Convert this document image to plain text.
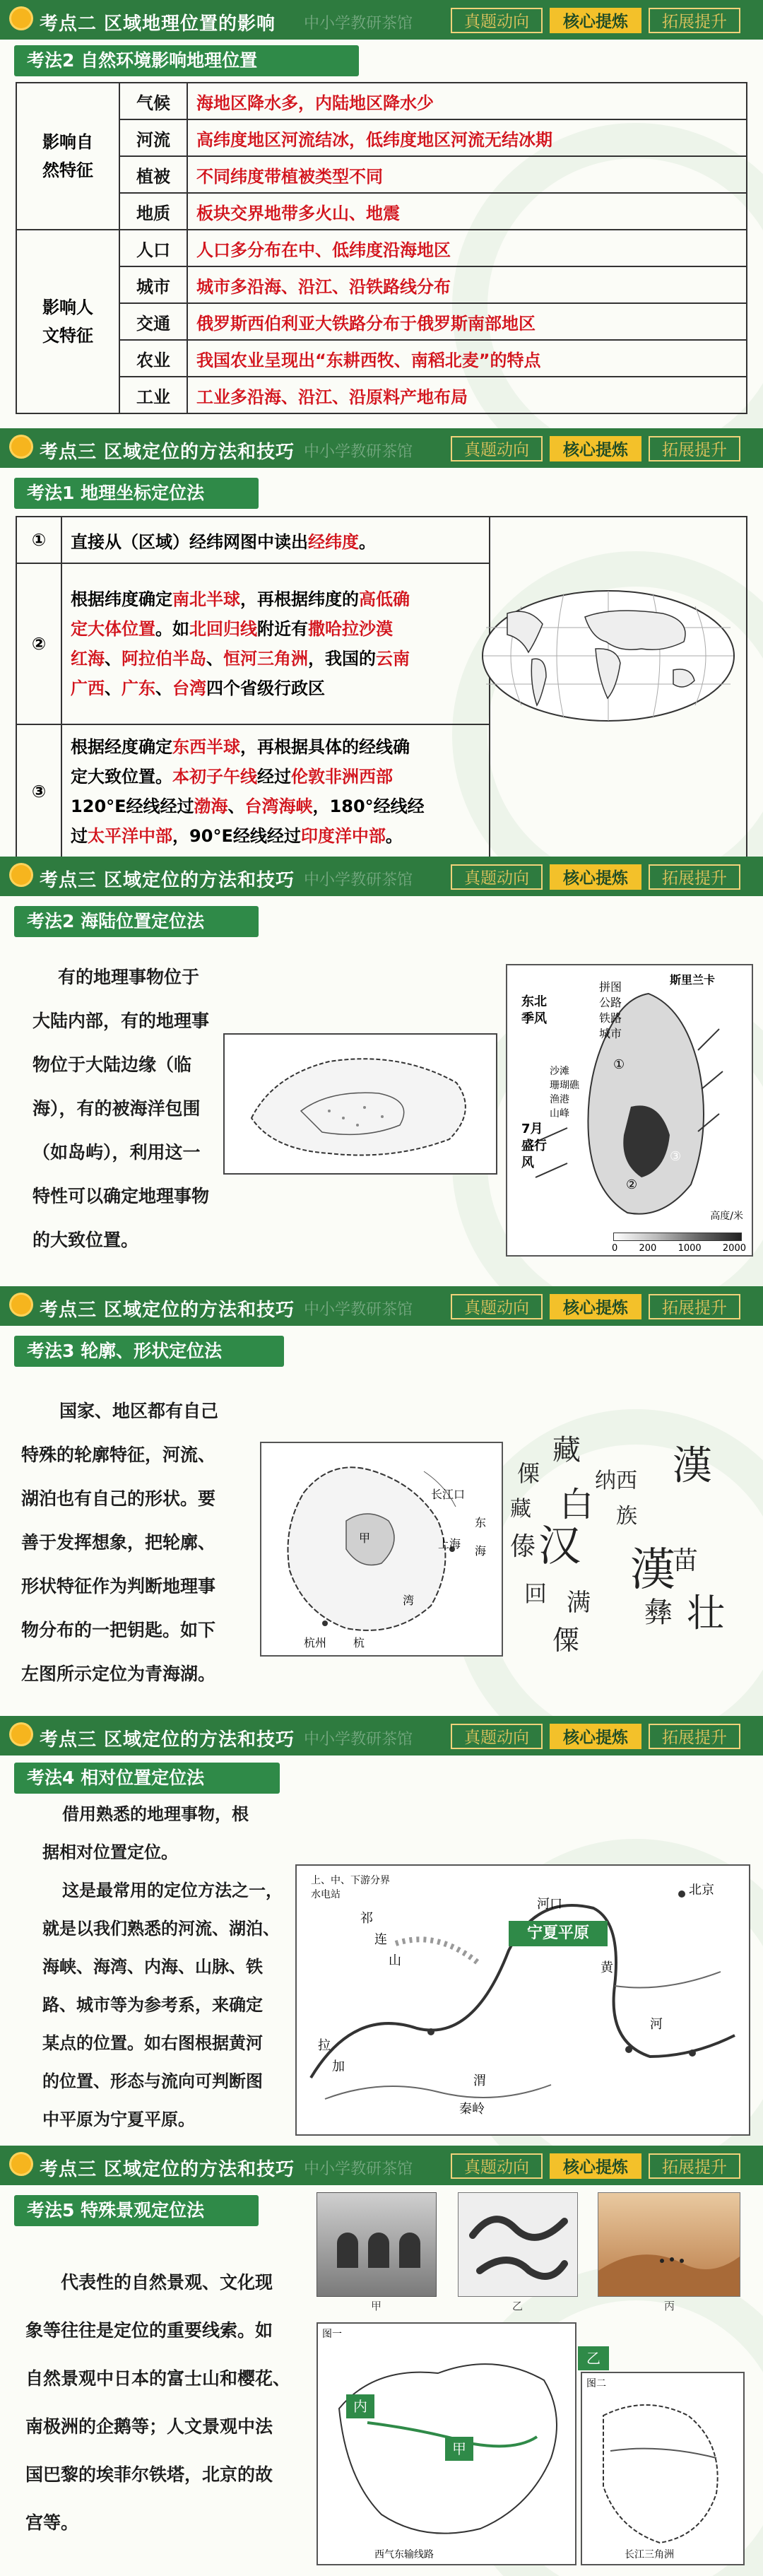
考点二 区域地理位置的影响 中小学教研茶馆	真题动向	核心提炼	拓展提升
考法2 自然环境影响地理位置
影响自
然特征	气候	海地区降水多，内陆地区降水少
	河流	高纬度地区河流结冰，低纬度地区河流无结冰期
	植被	不同纬度带植被类型不同
	地质	板块交界地带多火山、地震
影响人
文特征	人口	人口多分布在中、低纬度沿海地区
	城市	城市多沿海、沿江、沿铁路线分布
	交通	俄罗斯西伯利亚大铁路分布于俄罗斯南部地区
	农业	我国农业呈现出“东耕西牧、南稻北麦”的特点
	工业	工业多沿海、沿江、沿原料产地布局
考点三 区域定位的方法和技巧 中小学教研茶馆	真题动向	核心提炼	拓展提升
考法1 地理坐标定位法
①	直接从（区域）经纬网图中读出经纬度。	
②	根据纬度确定南北半球，再根据纬度的高低确
定大体位置。如北回归线附近有撒哈拉沙漠
红海、阿拉伯半岛、恒河三角洲，我国的云南
广西、广东、台湾四个省级行政区	
③	根据经度确定东西半球，再根据具体的经线确
定大致位置。本初子午线经过伦敦非洲西部
120°E经线经过渤海、台湾海峡，180°经线经
过太平洋中部，90°E经线经过印度洋中部。	
考点三 区域定位的方法和技巧 中小学教研茶馆	真题动向	核心提炼	拓展提升
考法2 海陆位置定位法
有的地理事物位于
大陆内部，有的地理事
物位于大陆边缘（临
海），有的被海洋包围
（如岛屿），利用这一
特性可以确定地理事物
的大致位置。
斯里兰卡
拼图
公路
铁路
城市
东北
季风
7月
盛行
风
①
②
③
沙滩
珊瑚礁
渔港
山峰
高度/米
0 200 1000 2000
考点三 区域定位的方法和技巧 中小学教研茶馆	真题动向	核心提炼	拓展提升
考法3 轮廓、形状定位法
国家、地区都有自己
特殊的轮廓特征，河流、
湖泊也有自己的形状。要
善于发挥想象，把轮廓、
形状特征作为判断地理事
物分布的一把钥匙。如下
左图所示定位为青海湖。
甲
长江口
上海
东
海
湾
杭州 杭
藏 漢
汉
白
傣
族
壮
彝
回 满
苗
纳西
傈
僳
漢
藏
考点三 区域定位的方法和技巧 中小学教研茶馆	真题动向	核心提炼	拓展提升
考法4 相对位置定位法
借用熟悉的地理事物，根
据相对位置定位。
这是最常用的定位方法之一，
就是以我们熟悉的河流、湖泊、
海峡、海湾、内海、山脉、铁
路、城市等为参考系，来确定
某点的位置。如右图根据黄河
的位置、形态与流向可判断图
中平原为宁夏平原。
上、中、下游分界
水电站
河口
北京
宁夏平原
黄
河
祁
连
山
拉
加
秦岭
渭
考点三 区域定位的方法和技巧 中小学教研茶馆	真题动向	核心提炼	拓展提升
考法5 特殊景观定位法
代表性的自然景观、文化现
象等往往是定位的重要线索。如
自然景观中日本的富士山和樱花、
南极洲的企鹅等；人文景观中法
国巴黎的埃菲尔铁塔，北京的故
宫等。
甲	乙	丙
图一
内
甲
西气东输线路
图二
长江三角洲
乙
